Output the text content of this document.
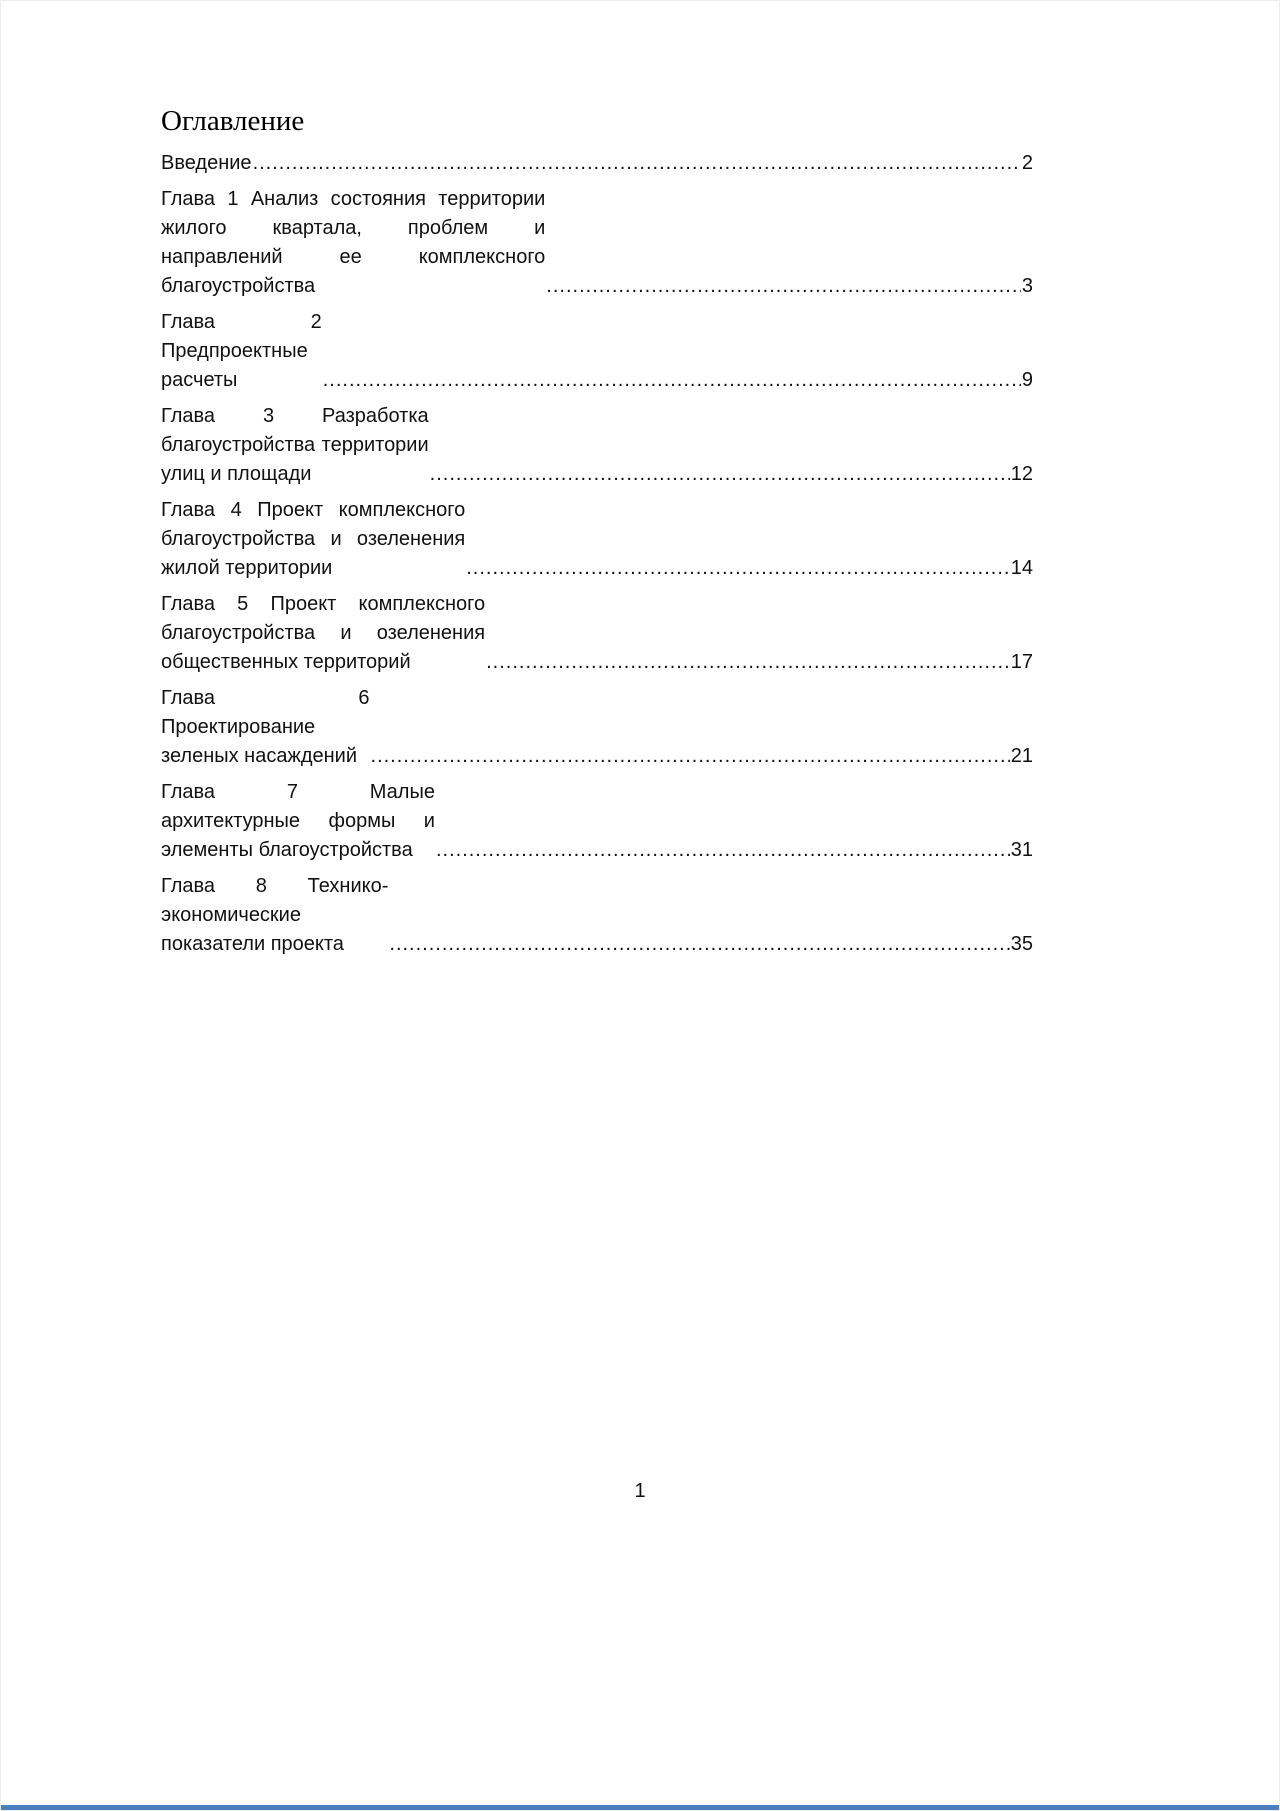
Оглавление
Введение .....	2
Глава 1 Анализ состояния территории жилого квартала, проблем и направлений ее комплексного благоустройства .....	3
Глава 2 Предпроектные расчеты .....	9
Глава 3 Разработка благоустройства территории улиц и площади .....	12
Глава 4 Проект комплексного благоустройства и озеленения жилой территории .....	14
Глава 5 Проект комплексного благоустройства и озеленения общественных территорий .....	17
Глава 6 Проектирование зеленых насаждений .....	21
Глава 7 Малые архитектурные формы и элементы благоустройства .....	31
Глава 8 Технико-экономические показатели проекта .....	35
1
